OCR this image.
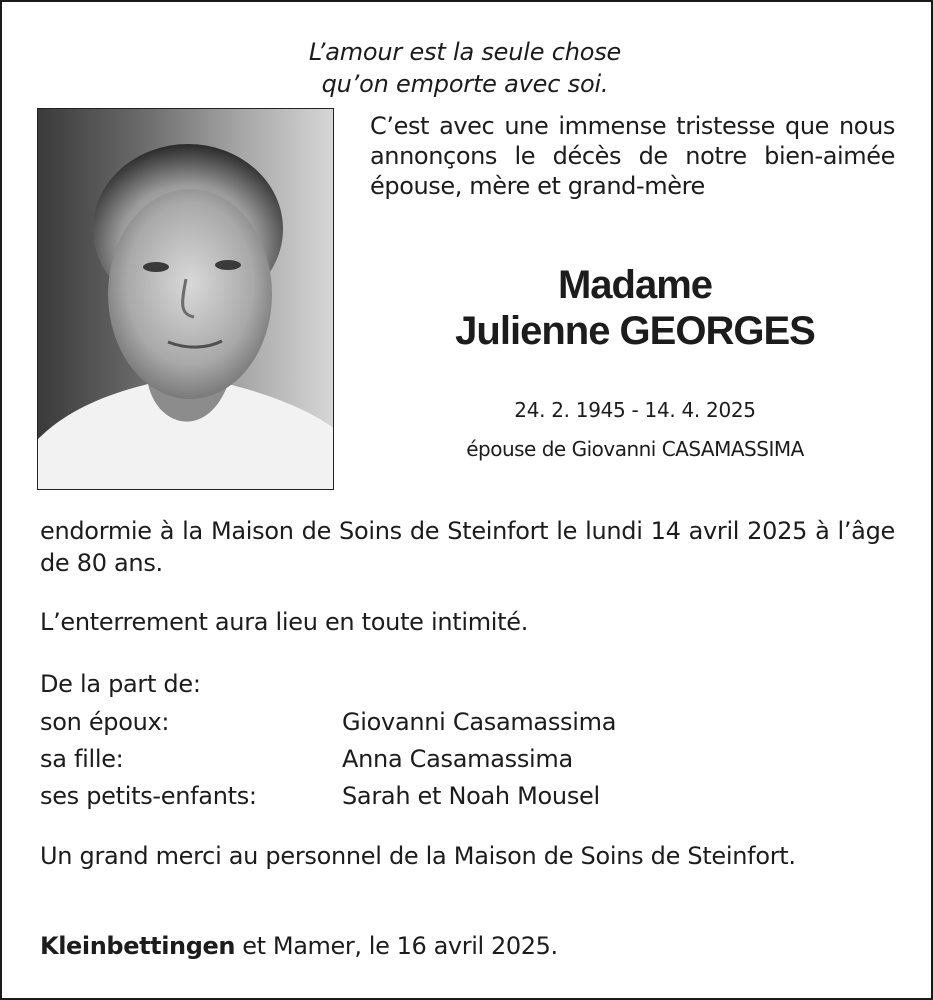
L’amour est la seule chose
qu’on emporte avec soi.

C’est avec une immense tristesse que nous annonçons le décès de notre bien-aimée épouse, mère et grand-mère

Madame
Julienne GEORGES
24. 2. 1945 - 14. 4. 2025
épouse de Giovanni CASAMASSIMA

endormie à la Maison de Soins de Steinfort le lundi 14 avril 2025 à l’âge de 80 ans.

L’enterrement aura lieu en toute intimité.

De la part de:

son époux:	Giovanni Casamassima
sa fille:	Anna Casamassima
ses petits-enfants:	Sarah et Noah Mousel

Un grand merci au personnel de la Maison de Soins de Steinfort.

Kleinbettingen et Mamer, le 16 avril 2025.
